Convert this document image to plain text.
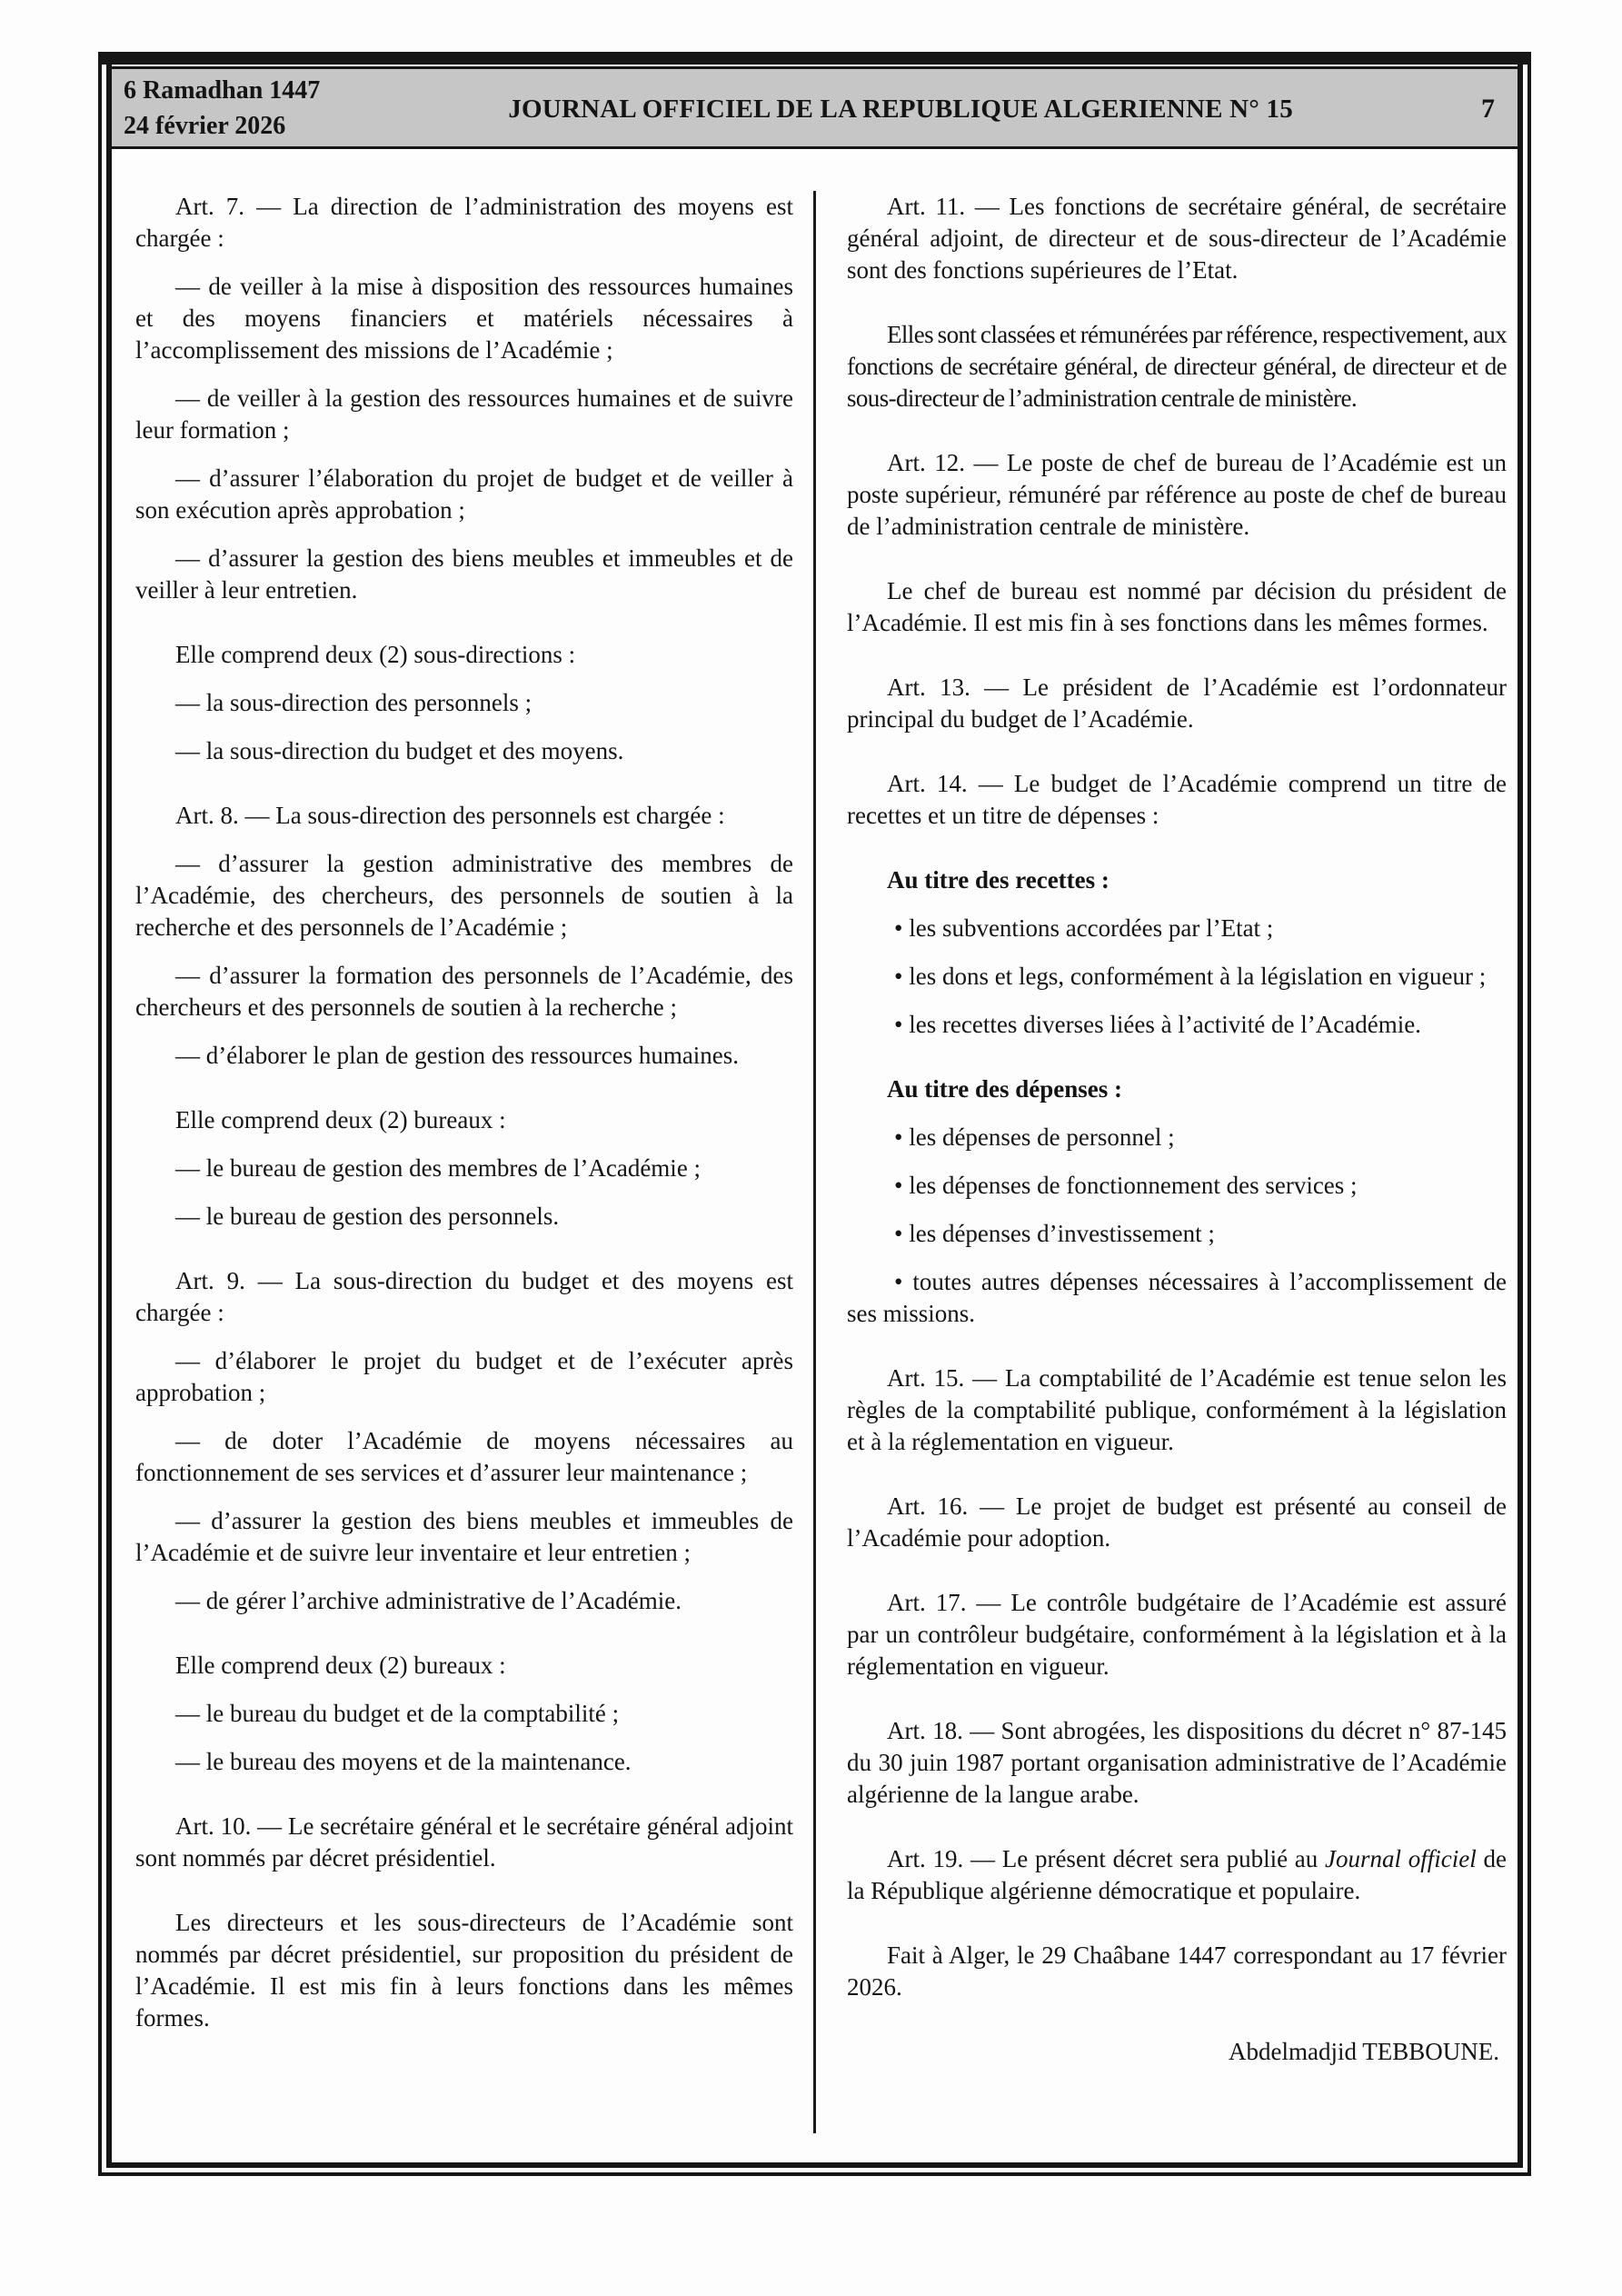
6 Ramadhan 1447
24 février 2026
JOURNAL OFFICIEL DE LA REPUBLIQUE ALGERIENNE N° 15	7

Art. 7. — La direction de l’administration des moyens est chargée :

— de veiller à la mise à disposition des ressources humaines et des moyens financiers et matériels nécessaires à l’accomplissement des missions de l’Académie ;

— de veiller à la gestion des ressources humaines et de suivre leur formation ;

— d’assurer l’élaboration du projet de budget et de veiller à son exécution après approbation ;

— d’assurer la gestion des biens meubles et immeubles et de veiller à leur entretien.

Elle comprend deux (2) sous-directions :

— la sous-direction des personnels ;

— la sous-direction du budget et des moyens.

Art. 8. — La sous-direction des personnels est chargée :

— d’assurer la gestion administrative des membres de l’Académie, des chercheurs, des personnels de soutien à la recherche et des personnels de l’Académie ;

— d’assurer la formation des personnels de l’Académie, des chercheurs et des personnels de soutien à la recherche ;

— d’élaborer le plan de gestion des ressources humaines.

Elle comprend deux (2) bureaux :

— le bureau de gestion des membres de l’Académie ;

— le bureau de gestion des personnels.

Art. 9. — La sous-direction du budget et des moyens est chargée :

— d’élaborer le projet du budget et de l’exécuter après approbation ;

— de doter l’Académie de moyens nécessaires au fonctionnement de ses services et d’assurer leur maintenance ;

— d’assurer la gestion des biens meubles et immeubles de l’Académie et de suivre leur inventaire et leur entretien ;

— de gérer l’archive administrative de l’Académie.

Elle comprend deux (2) bureaux :

— le bureau du budget et de la comptabilité ;

— le bureau des moyens et de la maintenance.

Art. 10. — Le secrétaire général et le secrétaire général adjoint sont nommés par décret présidentiel.

Les directeurs et les sous-directeurs de l’Académie sont nommés par décret présidentiel, sur proposition du président de l’Académie. Il est mis fin à leurs fonctions dans les mêmes formes.

Art. 11. — Les fonctions de secrétaire général, de secrétaire général adjoint, de directeur et de sous-directeur de l’Académie sont des fonctions supérieures de l’Etat.

Elles sont classées et rémunérées par référence, respectivement, aux fonctions de secrétaire général, de directeur général, de directeur et de sous-directeur de l’administration centrale de ministère.

Art. 12. — Le poste de chef de bureau de l’Académie est un poste supérieur, rémunéré par référence au poste de chef de bureau de l’administration centrale de ministère.

Le chef de bureau est nommé par décision du président de l’Académie. Il est mis fin à ses fonctions dans les mêmes formes.

Art. 13. — Le président de l’Académie est l’ordonnateur principal du budget de l’Académie.

Art. 14. — Le budget de l’Académie comprend un titre de recettes et un titre de dépenses :

Au titre des recettes :

• les subventions accordées par l’Etat ;

• les dons et legs, conformément à la législation en vigueur ;

• les recettes diverses liées à l’activité de l’Académie.

Au titre des dépenses :

• les dépenses de personnel ;

• les dépenses de fonctionnement des services ;

• les dépenses d’investissement ;

• toutes autres dépenses nécessaires à l’accomplissement de ses missions.

Art. 15. — La comptabilité de l’Académie est tenue selon les règles de la comptabilité publique, conformément à la législation et à la réglementation en vigueur.

Art. 16. — Le projet de budget est présenté au conseil de l’Académie pour adoption.

Art. 17. — Le contrôle budgétaire de l’Académie est assuré par un contrôleur budgétaire, conformément à la législation et à la réglementation en vigueur.

Art. 18. — Sont abrogées, les dispositions du décret n° 87-145 du 30 juin 1987 portant organisation administrative de l’Académie algérienne de la langue arabe.

Art. 19. — Le présent décret sera publié au Journal officiel de la République algérienne démocratique et populaire.

Fait à Alger, le 29 Chaâbane 1447 correspondant au 17 février 2026.

Abdelmadjid TEBBOUNE.
